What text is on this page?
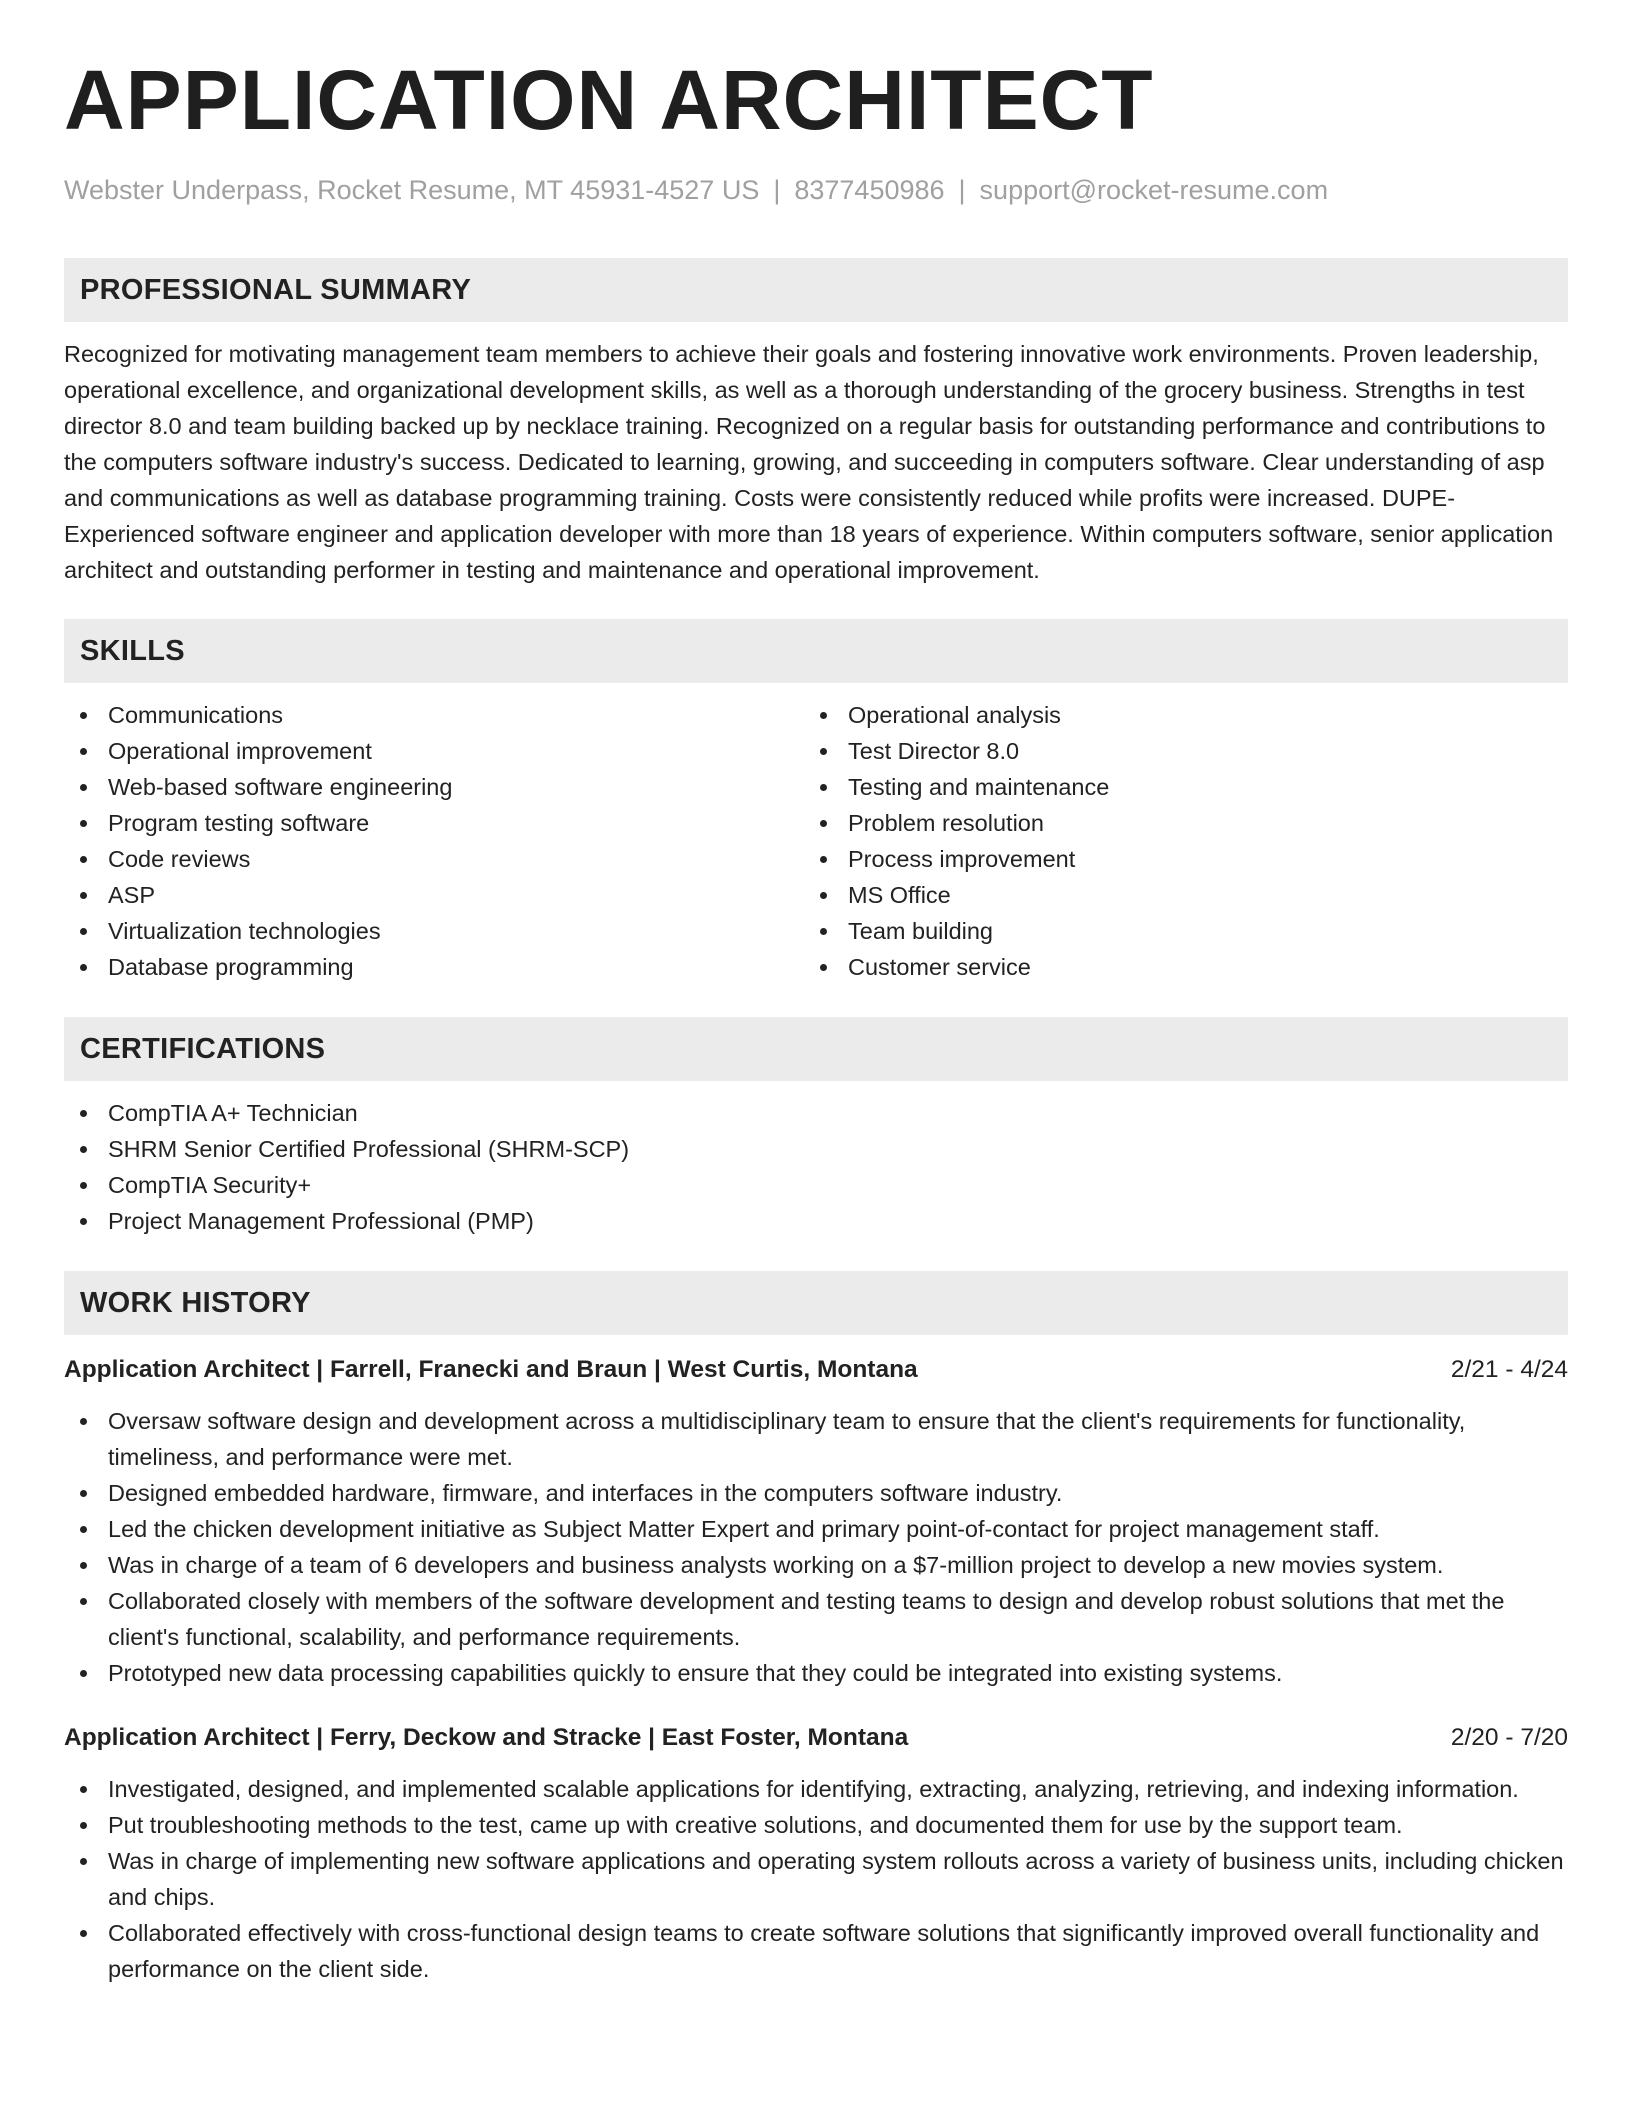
APPLICATION ARCHITECT
Webster Underpass, Rocket Resume, MT 45931-4527 US | 8377450986 | support@rocket-resume.com
PROFESSIONAL SUMMARY
Recognized for motivating management team members to achieve their goals and fostering innovative work environments. Proven leadership, operational excellence, and organizational development skills, as well as a thorough understanding of the grocery business. Strengths in test director 8.0 and team building backed up by necklace training. Recognized on a regular basis for outstanding performance and contributions to the computers software industry's success. Dedicated to learning, growing, and succeeding in computers software. Clear understanding of asp and communications as well as database programming training. Costs were consistently reduced while profits were increased. DUPE- Experienced software engineer and application developer with more than 18 years of experience. Within computers software, senior application architect and outstanding performer in testing and maintenance and operational improvement.
SKILLS
Communications
Operational improvement
Web-based software engineering
Program testing software
Code reviews
ASP
Virtualization technologies
Database programming
Operational analysis
Test Director 8.0
Testing and maintenance
Problem resolution
Process improvement
MS Office
Team building
Customer service
CERTIFICATIONS
CompTIA A+ Technician
SHRM Senior Certified Professional (SHRM-SCP)
CompTIA Security+
Project Management Professional (PMP)
WORK HISTORY
Application Architect | Farrell, Franecki and Braun | West Curtis, Montana	2/21 - 4/24
Oversaw software design and development across a multidisciplinary team to ensure that the client's requirements for functionality, timeliness, and performance were met.
Designed embedded hardware, firmware, and interfaces in the computers software industry.
Led the chicken development initiative as Subject Matter Expert and primary point-of-contact for project management staff.
Was in charge of a team of 6 developers and business analysts working on a $7-million project to develop a new movies system.
Collaborated closely with members of the software development and testing teams to design and develop robust solutions that met the client's functional, scalability, and performance requirements.
Prototyped new data processing capabilities quickly to ensure that they could be integrated into existing systems.
Application Architect | Ferry, Deckow and Stracke | East Foster, Montana	2/20 - 7/20
Investigated, designed, and implemented scalable applications for identifying, extracting, analyzing, retrieving, and indexing information.
Put troubleshooting methods to the test, came up with creative solutions, and documented them for use by the support team.
Was in charge of implementing new software applications and operating system rollouts across a variety of business units, including chicken and chips.
Collaborated effectively with cross-functional design teams to create software solutions that significantly improved overall functionality and performance on the client side.
